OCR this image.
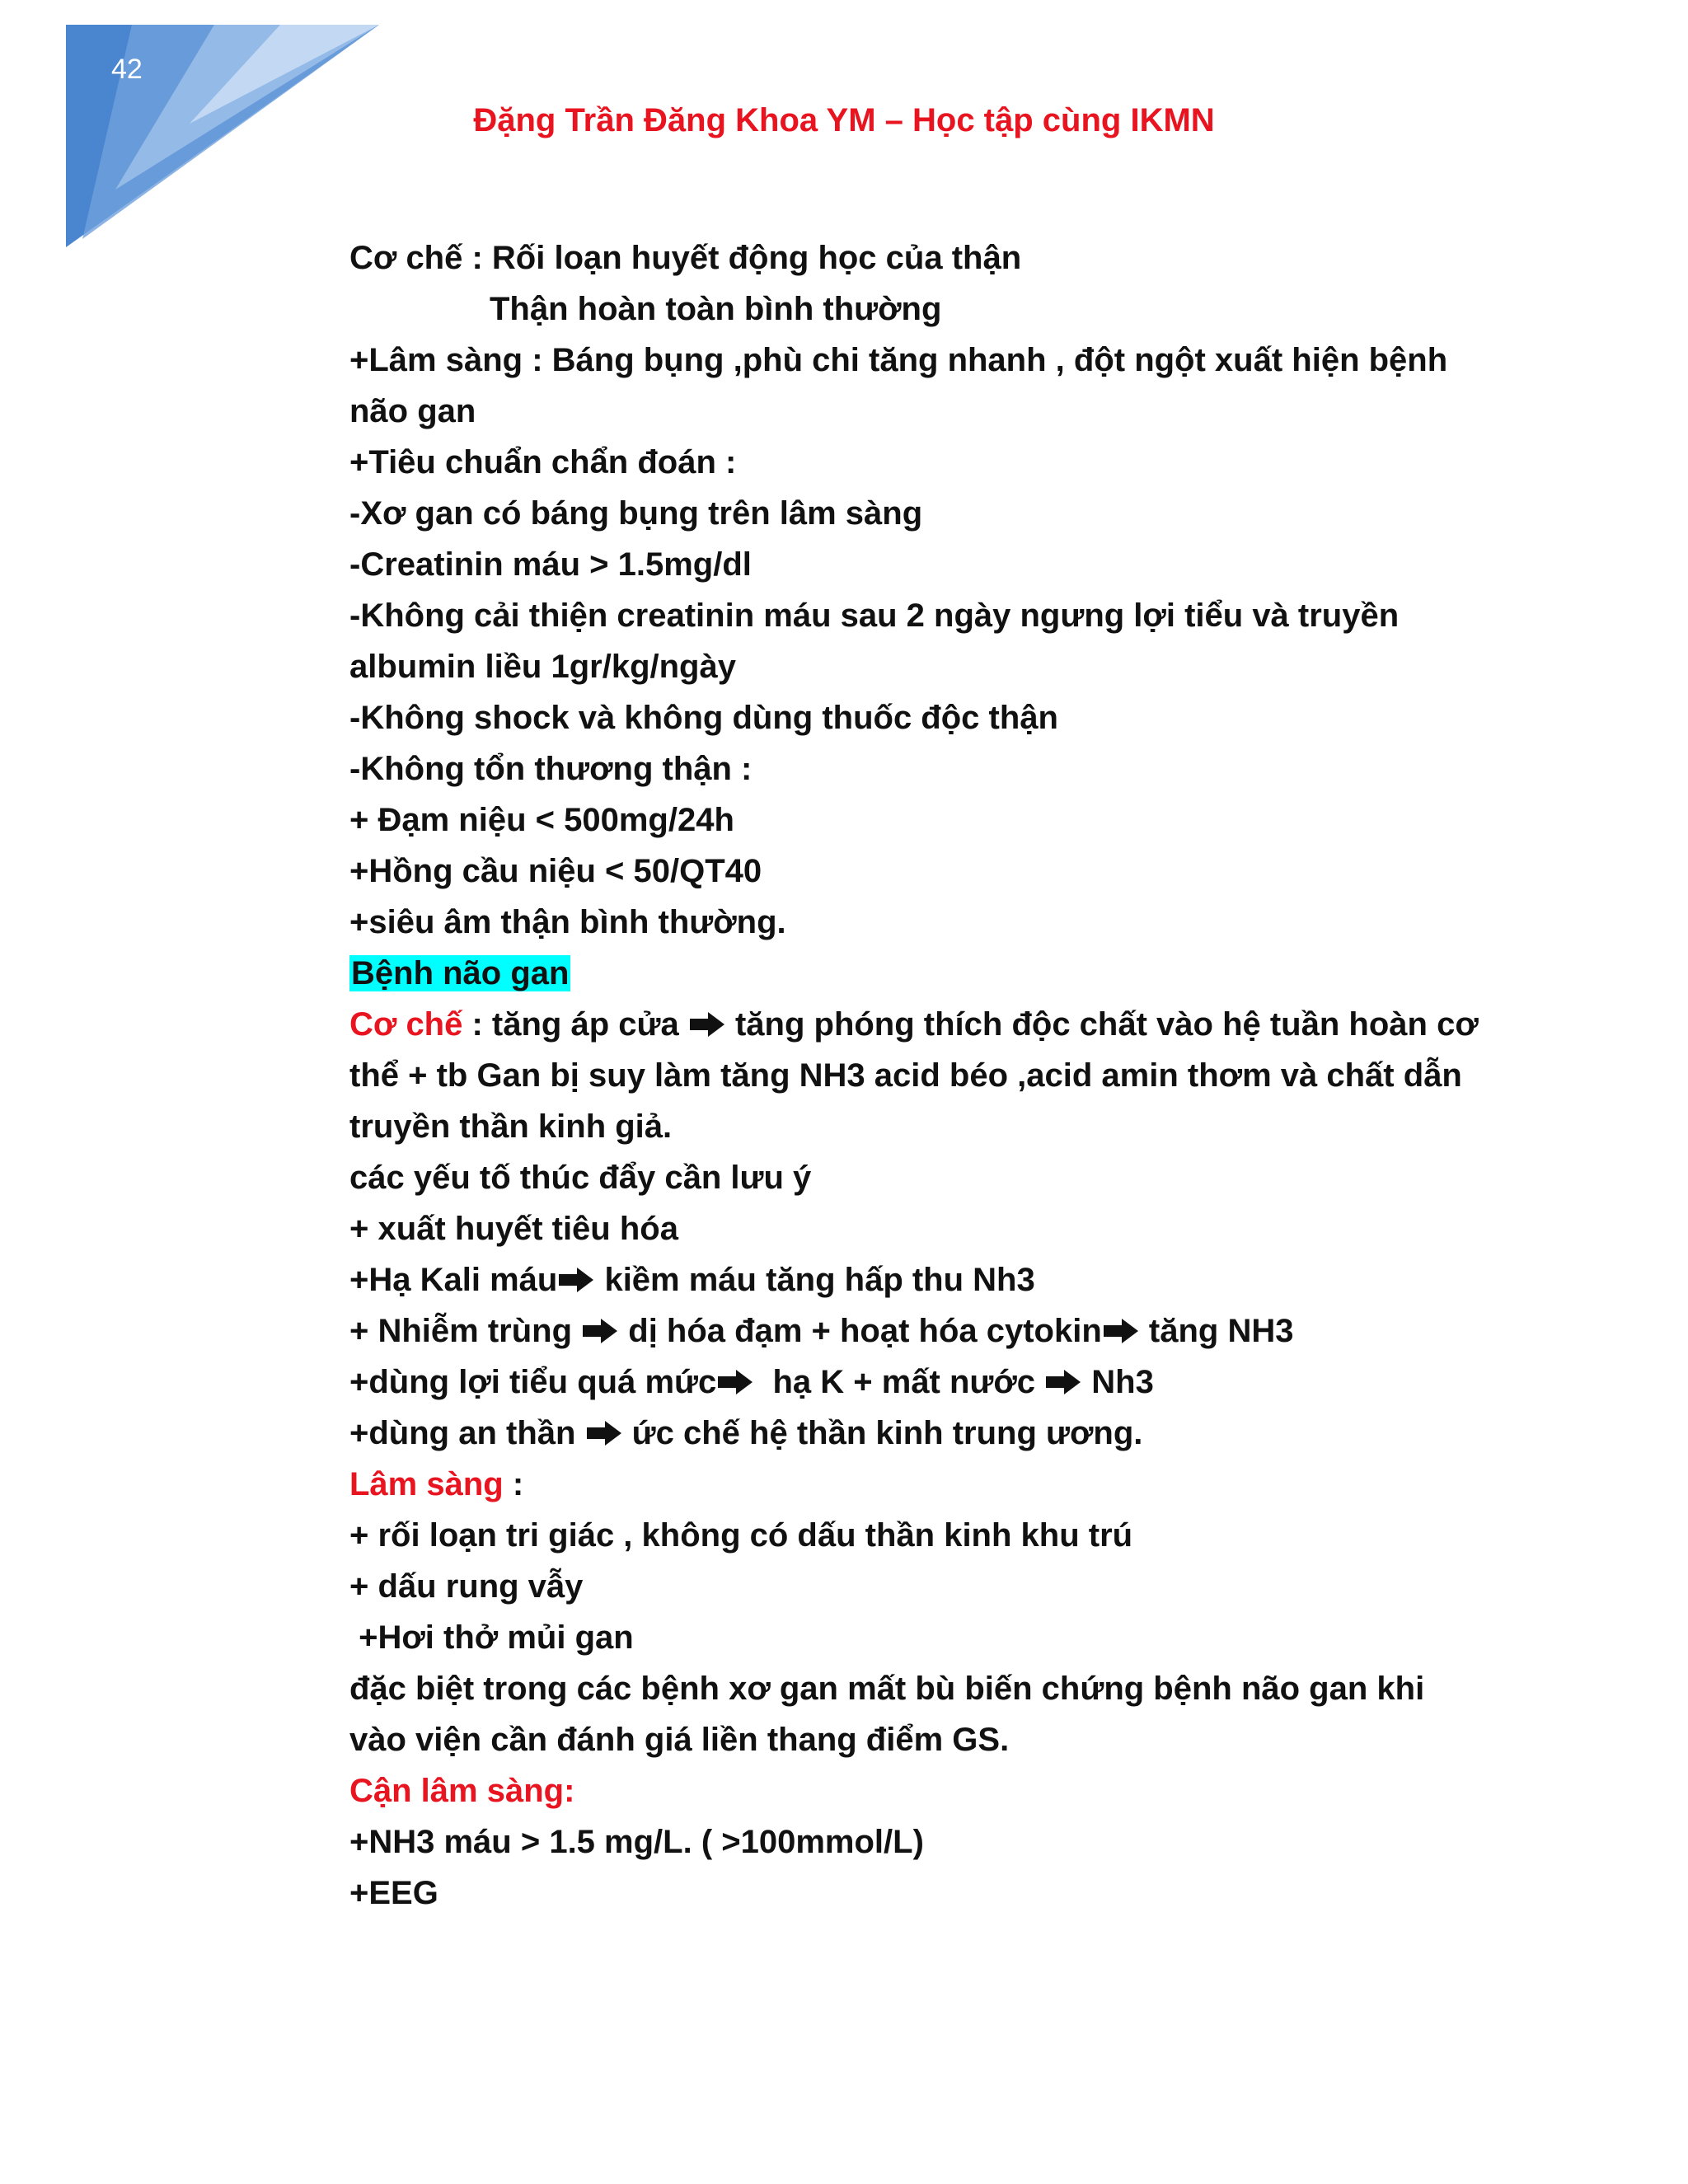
42
Đặng Trần Đăng Khoa YM – Học tập cùng IKMN
Cơ chế : Rối loạn huyết động học của thận
Thận hoàn toàn bình thường
+Lâm sàng : Báng bụng ,phù chi tăng nhanh , đột ngột xuất hiện bệnh
não gan
+Tiêu chuẩn chẩn đoán :
-Xơ gan có báng bụng trên lâm sàng
-Creatinin máu > 1.5mg/dl
-Không cải thiện creatinin máu sau 2 ngày ngưng lợi tiểu và truyền
albumin liều 1gr/kg/ngày
-Không shock và không dùng thuốc độc thận
-Không tổn thương thận :
+ Đạm niệu < 500mg/24h
+Hồng cầu niệu < 50/QT40
+siêu âm thận bình thường.
Bệnh não gan
Cơ chế : tăng áp cửa  tăng phóng thích độc chất vào hệ tuần hoàn cơ
thể + tb Gan bị suy làm tăng NH3 acid béo ,acid amin thơm và chất dẫn
truyền thần kinh giả.
các yếu tố thúc đẩy cần lưu ý
+ xuất huyết tiêu hóa
+Hạ Kali máu kiềm máu tăng hấp thu Nh3
+ Nhiễm trùng  dị hóa đạm + hoạt hóa cytokin tăng NH3
+dùng lợi tiểu quá mức  hạ K + mất nước  Nh3
+dùng an thần  ức chế hệ thần kinh trung ương.
Lâm sàng :
+ rối loạn tri giác , không có dấu thần kinh khu trú
+ dấu rung vẫy
+Hơi thở mủi gan
đặc biệt trong các bệnh xơ gan mất bù biến chứng bệnh não gan khi
vào viện cần đánh giá liền thang điểm GS.
Cận lâm sàng:
+NH3 máu > 1.5 mg/L. ( >100mmol/L)
+EEG
